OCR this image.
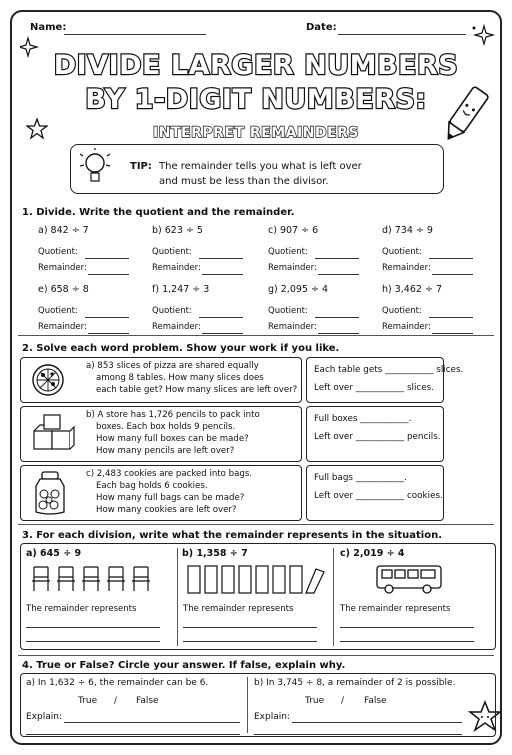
Name:	Date:
DIVIDE LARGER NUMBERS
BY 1-DIGIT NUMBERS:
INTERPRET REMAINDERS
TIP: The remainder tells you what is left over
and must be less than the divisor.
1. Divide. Write the quotient and the remainder.
a) 842 ÷ 7
Quotient:
Remainder:
b) 623 ÷ 5
Quotient:
Remainder:
c) 907 ÷ 6
Quotient:
Remainder:
d) 734 ÷ 9
Quotient:
Remainder:
e) 658 ÷ 8
Quotient:
Remainder:
f) 1,247 ÷ 3
Quotient:
Remainder:
g) 2,095 ÷ 4
Quotient:
Remainder:
h) 3,462 ÷ 7
Quotient:
Remainder:
2. Solve each word problem. Show your work if you like.
a) 853 slices of pizza are shared equally
among 8 tables. How many slices does
each table get? How many slices are left over?
Each table gets ___________ slices.
Left over ___________ slices.
b) A store has 1,726 pencils to pack into
boxes. Each box holds 9 pencils.
How many full boxes can be made?
How many pencils are left over?
Full boxes ___________.
Left over ___________ pencils.
c) 2,483 cookies are packed into bags.
Each bag holds 6 cookies.
How many full bags can be made?
How many cookies are left over?
Full bags ___________.
Left over ___________ cookies.
3. For each division, write what the remainder represents in the situation.
a) 645 ÷ 9	b) 1,358 ÷ 7	c) 2,019 ÷ 4
The remainder represents	The remainder represents	The remainder represents
4. True or False? Circle your answer. If false, explain why.
a) In 1,632 ÷ 6, the remainder can be 6.	b) In 3,745 ÷ 8, a remainder of 2 is possible.
True / False	True / False
Explain:	Explain:
